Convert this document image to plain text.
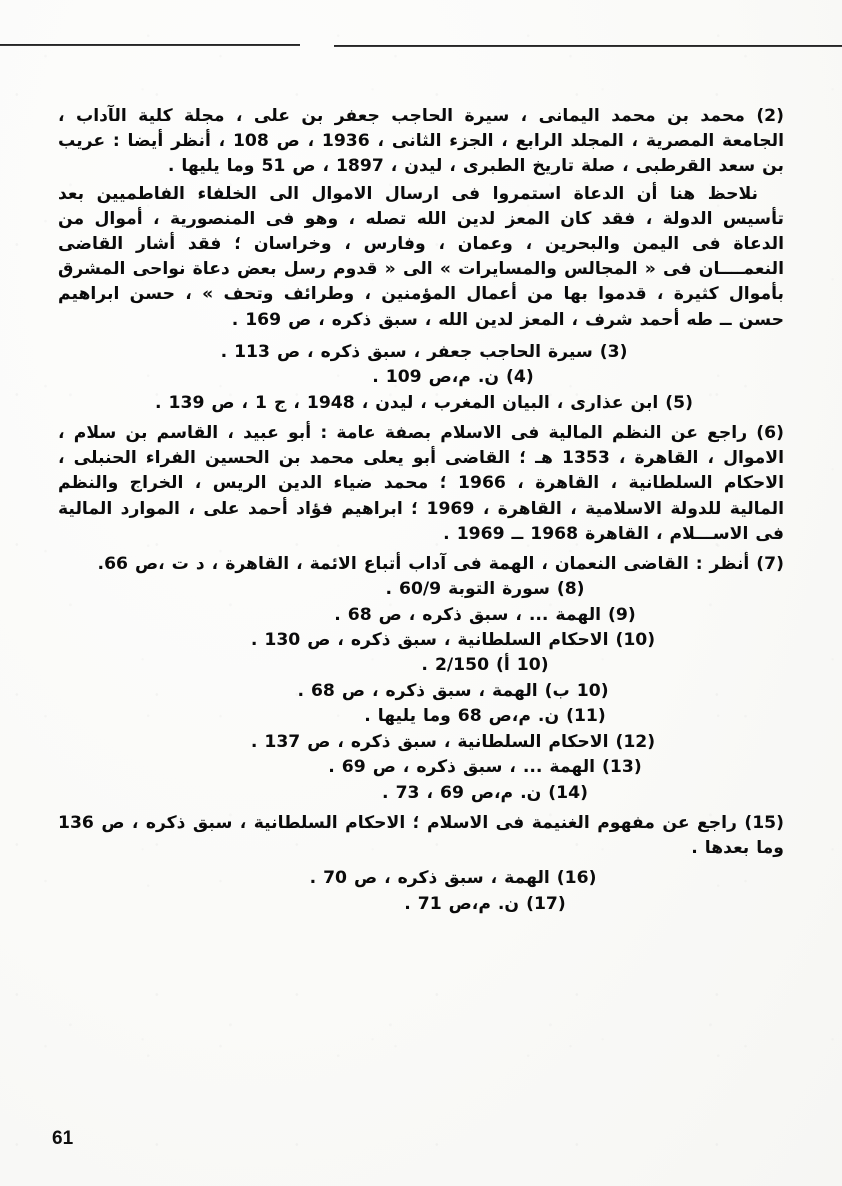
(2) محمد بن محمد اليمانى ، سيرة الحاجب جعفر بن على ، مجلة كلية الآداب ، الجامعة المصرية ، المجلد الرابع ، الجزء الثانى ، 1936 ، ص 108 ، أنظر أيضا : عريب بن سعد القرطبى ، صلة تاريخ الطبرى ، ليدن ، 1897 ، ص 51 وما يليها .

نلاحظ هنا أن الدعاة استمروا فى ارسال الاموال الى الخلفاء الفاطميين بعد تأسيس الدولة ، فقد كان المعز لدين الله تصله ، وهو فى المنصورية ، أموال من الدعاة فى اليمن والبحرين ، وعمان ، وفارس ، وخراسان ؛ فقد أشار القاضى النعمــــان فى « المجالس والمسايرات » الى « قدوم رسل بعض دعاة نواحى المشرق بأموال كثيرة ، قدموا بها من أعمال المؤمنين ، وطرائف وتحف » ، حسن ابراهيم حسن ــ طه أحمد شرف ، المعز لدين الله ، سبق ذكره ، ص 169 .

(3) سيرة الحاجب جعفر ، سبق ذكره ، ص 113 .

(4) ن. م،ص 109 .

(5) ابن عذارى ، البيان المغرب ، ليدن ، 1948 ، ج 1 ، ص 139 .

(6) راجع عن النظم المالية فى الاسلام بصفة عامة : أبو عبيد ، القاسم بن سلام ، الاموال ، القاهرة ، 1353 هـ ؛ القاضى أبو يعلى محمد بن الحسين الفراء الحنبلى ، الاحكام السلطانية ، القاهرة ، 1966 ؛ محمد ضياء الدين الريس ، الخراج والنظم المالية للدولة الاسلامية ، القاهرة ، 1969 ؛ ابراهيم فؤاد أحمد على ، الموارد المالية فى الاســـلام ، القاهرة 1968 ــ 1969 .

(7) أنظر : القاضى النعمان ، الهمة فى آداب أتباع الائمة ، القاهرة ، د ت ،ص 66.

(8) سورة التوبة 60/9 .

(9) الهمة ... ، سبق ذكره ، ص 68 .

(10) الاحكام السلطانية ، سبق ذكره ، ص 130 .

(10 أ) 2/150 .

(10 ب) الهمة ، سبق ذكره ، ص 68 .

(11) ن. م،ص 68 وما يليها .

(12) الاحكام السلطانية ، سبق ذكره ، ص 137 .

(13) الهمة ... ، سبق ذكره ، ص 69 .

(14) ن. م،ص 69 ، 73 .

(15) راجع عن مفهوم الغنيمة فى الاسلام ؛ الاحكام السلطانية ، سبق ذكره ، ص 136 وما بعدها .

(16) الهمة ، سبق ذكره ، ص 70 .

(17) ن. م،ص 71 .

61
